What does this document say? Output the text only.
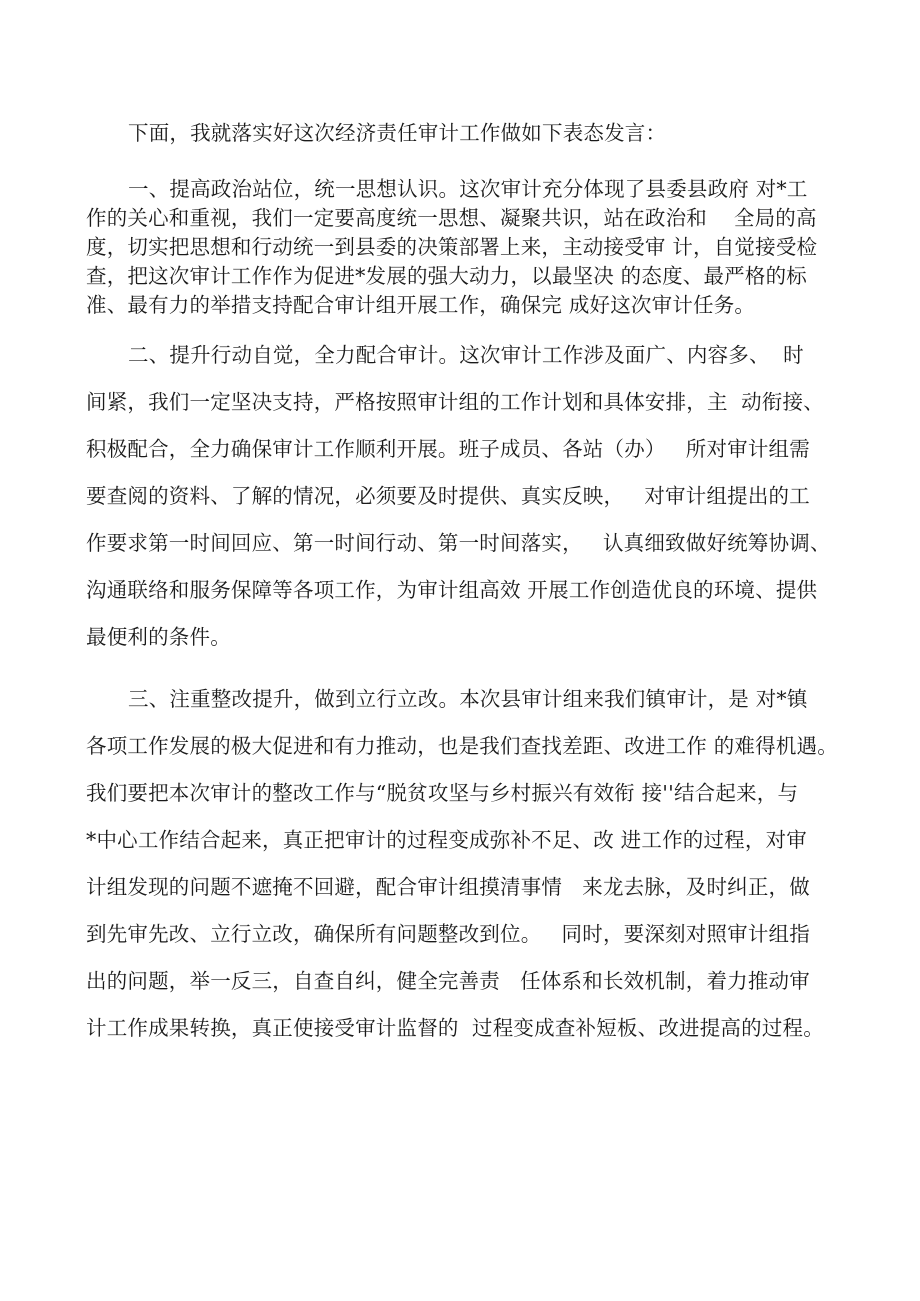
下面，我就落实好这次经济责任审计工作做如下表态发言：
一、提高政治站位，统一思想认识。这次审计充分体现了县委县政府 对*工
作的关心和重视，我们一定要高度统一思想、凝聚共识，站在政治和    全局的高
度，切实把思想和行动统一到县委的决策部署上来，主动接受审 计，自觉接受检
查，把这次审计工作作为促进*发展的强大动力，以最坚决 的态度、最严格的标
准、最有力的举措支持配合审计组开展工作，确保完 成好这次审计任务。
二、提升行动自觉，全力配合审计。这次审计工作涉及面广、内容多、  时
间紧，我们一定坚决支持，严格按照审计组的工作计划和具体安排，主  动衔接、
积极配合，全力确保审计工作顺利开展。班子成员、各站（办）   所对审计组需
要查阅的资料、了解的情况，必须要及时提供、真实反映，   对审计组提出的工
作要求第一时间回应、第一时间行动、第一时间落实，   认真细致做好统筹协调、
沟通联络和服务保障等各项工作，为审计组高效 开展工作创造优良的环境、提供
最便利的条件。
三、注重整改提升，做到立行立改。本次县审计组来我们镇审计，是 对*镇
各项工作发展的极大促进和有力推动，也是我们查找差距、改进工作 的难得机遇。
我们要把本次审计的整改工作与“脱贫攻坚与乡村振兴有效衔 接''结合起来，与
*中心工作结合起来，真正把审计的过程变成弥补不足、改 进工作的过程，对审
计组发现的问题不遮掩不回避，配合审计组摸清事情   来龙去脉，及时纠正，做
到先审先改、立行立改，确保所有问题整改到位。   同时，要深刻对照审计组指
出的问题，举一反三，自查自纠，健全完善责   任体系和长效机制，着力推动审
计工作成果转换，真正使接受审计监督的  过程变成查补短板、改进提高的过程。
